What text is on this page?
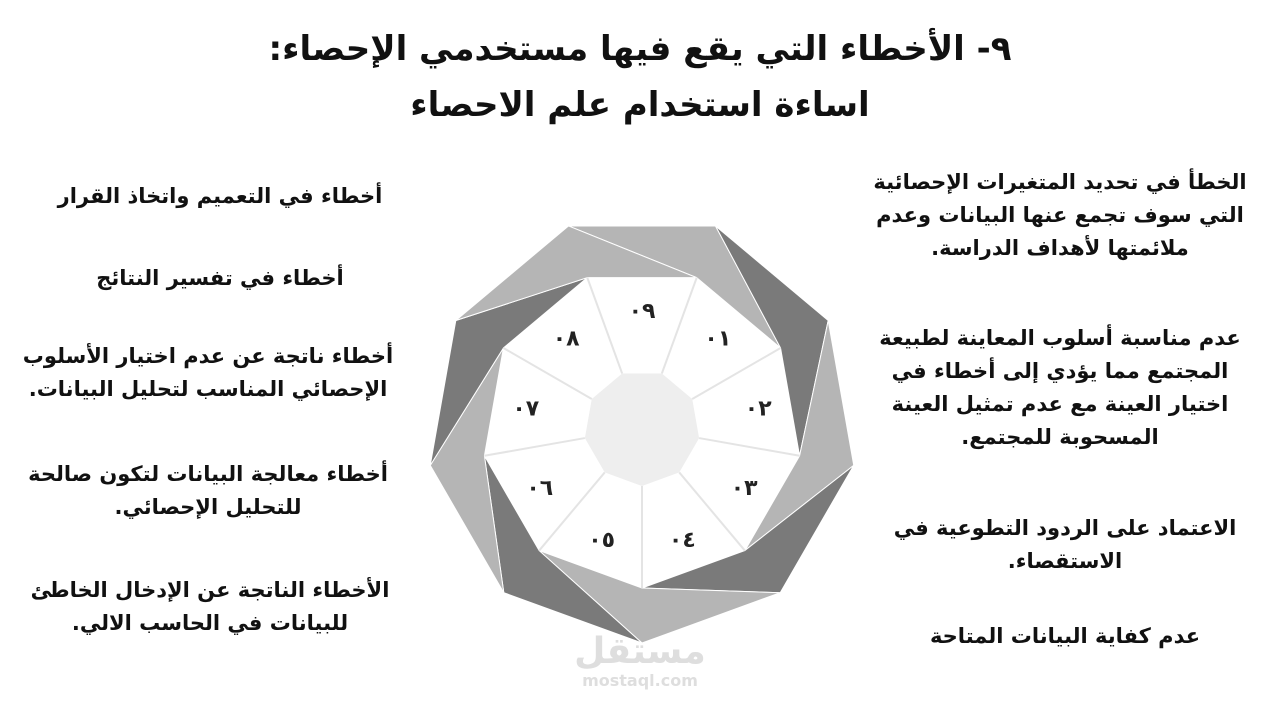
٩- الأخطاء التي يقع فيها مستخدمي الإحصاء:
اساءة استخدام علم الاحصاء
الخطأ في تحديد المتغيرات الإحصائية
التي سوف تجمع عنها البيانات وعدم
ملائمتها لأهداف الدراسة.
عدم مناسبة أسلوب المعاينة لطبيعة
المجتمع مما يؤدي إلى أخطاء في
اختيار العينة مع عدم تمثيل العينة
المسحوبة للمجتمع.
الاعتماد على الردود التطوعية في
الاستقصاء.
عدم كفاية البيانات المتاحة
أخطاء في التعميم واتخاذ القرار
أخطاء في تفسير النتائج
أخطاء ناتجة عن عدم اختيار الأسلوب
الإحصائي المناسب لتحليل البيانات.
أخطاء معالجة البيانات لتكون صالحة
للتحليل الإحصائي.
الأخطاء الناتجة عن الإدخال الخاطئ
للبيانات في الحاسب الالي.
٠٩
٠١
٠٢
٠٣
٠٤
٠٥
٠٦
٠٧
٠٨
مستقل
mostaql.com
